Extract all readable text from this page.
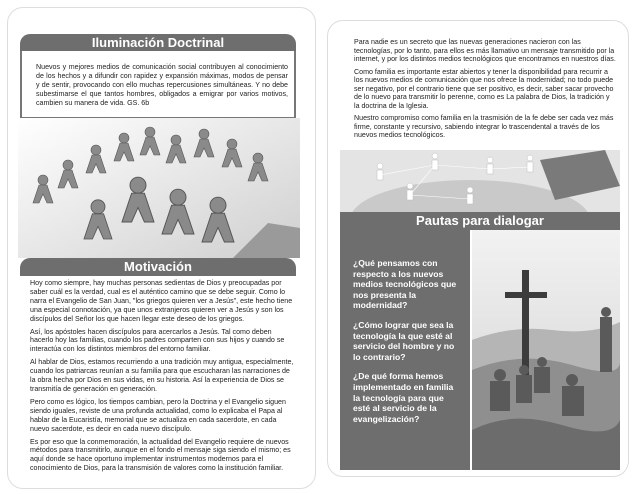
Iluminación Doctrinal

Nuevos y mejores medios de comunicación social contribuyen al conocimiento de los hechos y a difundir con rapidez y expansión máximas, modos de pensar y de sentir, provocando con ello muchas repercusiones simultáneas. Y no debe subestimarse el que tantos hombres, obligados a emigrar por varios motivos, cambien su manera de vida. GS. 6b

Motivación

Hoy como siempre, hay muchas personas sedientas de Dios y preocupadas por saber cuál es la verdad, cual es el auténtico camino que se debe seguir. Como lo narra el Evangelio de San Juan, "los griegos quieren ver a Jesús", este hecho tiene una especial connotación, ya que unos extranjeros quieren ver a Jesús y son los discípulos del Señor los que hacen llegar este deseo de los griegos.

Así, los apóstoles hacen discípulos para acercarlos a Jesús. Tal como deben hacerlo hoy las familias, cuando los padres comparten con sus hijos y cuando se interactúa con los distintos miembros del entorno familiar.

Al hablar de Dios, estamos recurriendo a una tradición muy antigua, especialmente, cuando los patriarcas reunían a su familia para que escucharan las narraciones de la obra hecha por Dios en sus vidas, en su historia. Así la experiencia de Dios se transmitía de generación en generación.

Pero como es lógico, los tiempos cambian, pero la Doctrina y el Evangelio siguen siendo iguales, reviste de una profunda actualidad, como lo explicaba el Papa al hablar de la Eucaristía, memorial que se actualiza en cada sacerdote, en cada nuevo sacerdote, es decir en cada nuevo discípulo.

Es por eso que la conmemoración, la actualidad del Evangelio requiere de nuevos métodos para transmitirlo, aunque en el fondo el mensaje siga siendo el mismo; es aquí donde se hace oportuno implementar instrumentos modernos para el conocimiento de Dios, para la transmisión de valores como la institución familiar.

Para nadie es un secreto que las nuevas generaciones nacieron con las tecnologías, por lo tanto, para ellos es más llamativo un mensaje transmitido por la internet, y por los distintos medios tecnológicos que encontramos en nuestros días.

Como familia es importante estar abiertos y tener la disponibilidad para recurrir a los nuevos medios de comunicación que nos ofrece la modernidad; no todo puede ser negativo, por el contrario tiene que ser positivo, es decir, saber sacar provecho de lo nuevo para transmitir lo perenne, como es La palabra de Dios, la tradición y la doctrina de la Iglesia.

Nuestro compromiso como familia en la trasmisión de la fe debe ser cada vez más firme, constante y recursivo, sabiendo integrar lo trascendental a través de los nuevos medios tecnológicos.

Pautas para dialogar

¿Qué pensamos con respecto a los nuevos medios tecnológicos que nos presenta la modernidad?

¿Cómo lograr que sea la tecnología la que esté al servicio del hombre y no lo contrario?

¿De qué forma hemos implementado en familia la tecnología para que esté al servicio de la evangelización?
